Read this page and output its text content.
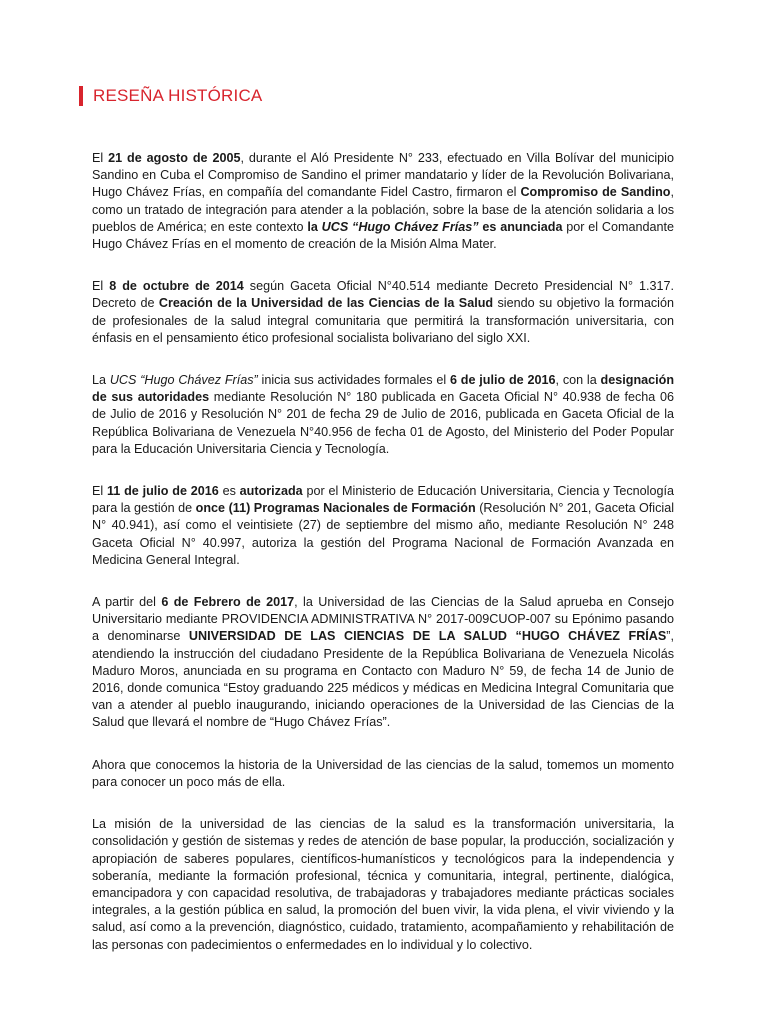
RESEÑA HISTÓRICA

El 21 de agosto de 2005, durante el Aló Presidente N° 233, efectuado en Villa Bolívar del municipio Sandino en Cuba el Compromiso de Sandino el primer mandatario y líder de la Revolución Bolivariana, Hugo Chávez Frías, en compañía del comandante Fidel Castro, firmaron el Compromiso de Sandino, como un tratado de integración para atender a la población, sobre la base de la atención solidaria a los pueblos de América; en este contexto la UCS “Hugo Chávez Frías” es anunciada por el Comandante Hugo Chávez Frías en el momento de creación de la Misión Alma Mater.

El 8 de octubre de 2014 según Gaceta Oficial N°40.514 mediante Decreto Presidencial N° 1.317. Decreto de Creación de la Universidad de las Ciencias de la Salud siendo su objetivo la formación de profesionales de la salud integral comunitaria que permitirá la transformación universitaria, con énfasis en el pensamiento ético profesional socialista bolivariano del siglo XXI.

La UCS “Hugo Chávez Frías” inicia sus actividades formales el 6 de julio de 2016, con la designación de sus autoridades mediante Resolución N° 180 publicada en Gaceta Oficial N° 40.938 de fecha 06 de Julio de 2016 y Resolución N° 201 de fecha 29 de Julio de 2016, publicada en Gaceta Oficial de la República Bolivariana de Venezuela N°40.956 de fecha 01 de Agosto, del Ministerio del Poder Popular para la Educación Universitaria Ciencia y Tecnología.

El 11 de julio de 2016 es autorizada por el Ministerio de Educación Universitaria, Ciencia y Tecnología para la gestión de once (11) Programas Nacionales de Formación (Resolución N° 201, Gaceta Oficial N° 40.941), así como el veintisiete (27) de septiembre del mismo año, mediante Resolución N° 248 Gaceta Oficial N° 40.997, autoriza la gestión del Programa Nacional de Formación Avanzada en Medicina General Integral.

A partir del 6 de Febrero de 2017, la Universidad de las Ciencias de la Salud aprueba en Consejo Universitario mediante PROVIDENCIA ADMINISTRATIVA N° 2017-009CUOP-007 su Epónimo pasando a denominarse UNIVERSIDAD DE LAS CIENCIAS DE LA SALUD “HUGO CHÁVEZ FRÍAS”, atendiendo la instrucción del ciudadano Presidente de la República Bolivariana de Venezuela Nicolás Maduro Moros, anunciada en su programa en Contacto con Maduro N° 59, de fecha 14 de Junio de 2016, donde comunica “Estoy graduando 225 médicos y médicas en Medicina Integral Comunitaria que van a atender al pueblo inaugurando, iniciando operaciones de la Universidad de las Ciencias de la Salud que llevará el nombre de “Hugo Chávez Frías”.

Ahora que conocemos la historia de la Universidad de las ciencias de la salud, tomemos un momento para conocer un poco más de ella.

La misión de la universidad de las ciencias de la salud es la transformación universitaria, la consolidación y gestión de sistemas y redes de atención de base popular, la producción, socialización y apropiación de saberes populares, científicos-humanísticos y tecnológicos para la independencia y soberanía, mediante la formación profesional, técnica y comunitaria, integral, pertinente, dialógica, emancipadora y con capacidad resolutiva, de trabajadoras y trabajadores mediante prácticas sociales integrales, a la gestión pública en salud, la promoción del buen vivir, la vida plena, el vivir viviendo y la salud, así como a la prevención, diagnóstico, cuidado, tratamiento, acompañamiento y rehabilitación de las personas con padecimientos o enfermedades en lo individual y lo colectivo.
